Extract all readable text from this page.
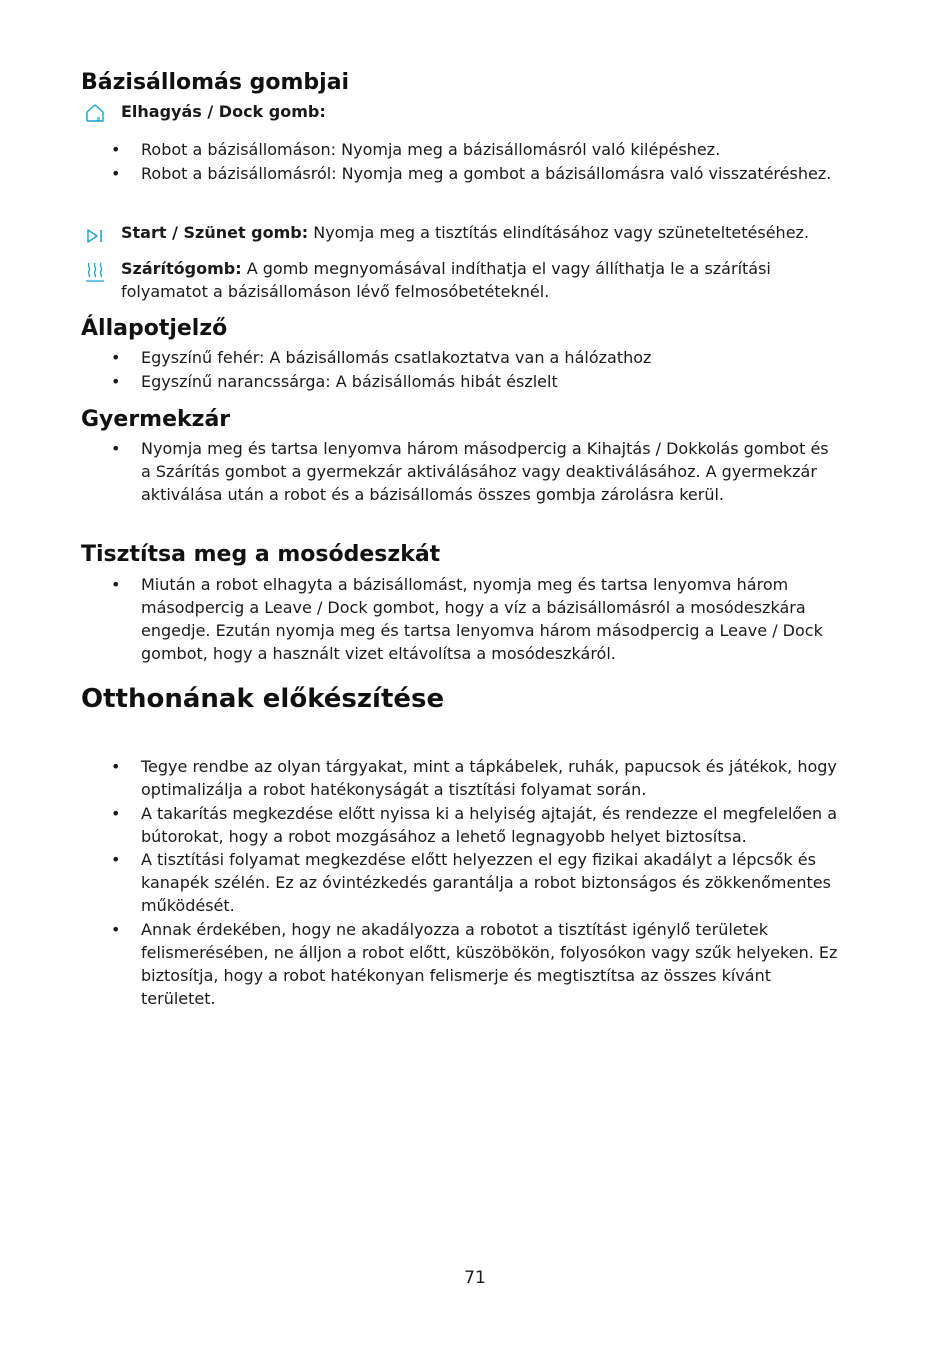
Bázisállomás gombjai
Elhagyás / Dock gomb:
• Robot a bázisállomáson: Nyomja meg a bázisállomásról való kilépéshez.
• Robot a bázisállomásról: Nyomja meg a gombot a bázisállomásra való visszatéréshez.
Start / Szünet gomb: Nyomja meg a tisztítás elindításához vagy szüneteltetéséhez.
Szárítógomb: A gomb megnyomásával indíthatja el vagy állíthatja le a szárítási folyamatot a bázisállomáson lévő felmosóbetéteknél.
Állapotjelző
• Egyszínű fehér: A bázisállomás csatlakoztatva van a hálózathoz
• Egyszínű narancssárga: A bázisállomás hibát észlelt
Gyermekzár
• Nyomja meg és tartsa lenyomva három másodpercig a Kihajtás / Dokkolás gombot és a Szárítás gombot a gyermekzár aktiválásához vagy deaktiválásához. A gyermekzár aktiválása után a robot és a bázisállomás összes gombja zárolásra kerül.
Tisztítsa meg a mosódeszkát
• Miután a robot elhagyta a bázisállomást, nyomja meg és tartsa lenyomva három másodpercig a Leave / Dock gombot, hogy a víz a bázisállomásról a mosódeszkára engedje. Ezután nyomja meg és tartsa lenyomva három másodpercig a Leave / Dock gombot, hogy a használt vizet eltávolítsa a mosódeszkáról.
Otthonának előkészítése
• Tegye rendbe az olyan tárgyakat, mint a tápkábelek, ruhák, papucsok és játékok, hogy optimalizálja a robot hatékonyságát a tisztítási folyamat során.
• A takarítás megkezdése előtt nyissa ki a helyiség ajtaját, és rendezze el megfelelően a bútorokat, hogy a robot mozgásához a lehető legnagyobb helyet biztosítsa.
• A tisztítási folyamat megkezdése előtt helyezzen el egy fizikai akadályt a lépcsők és kanapék szélén. Ez az óvintézkedés garantálja a robot biztonságos és zökkenőmentes működését.
• Annak érdekében, hogy ne akadályozza a robotot a tisztítást igénylő területek felismerésében, ne álljon a robot előtt, küszöbökön, folyosókon vagy szűk helyeken. Ez biztosítja, hogy a robot hatékonyan felismerje és megtisztítsa az összes kívánt területet.
71
